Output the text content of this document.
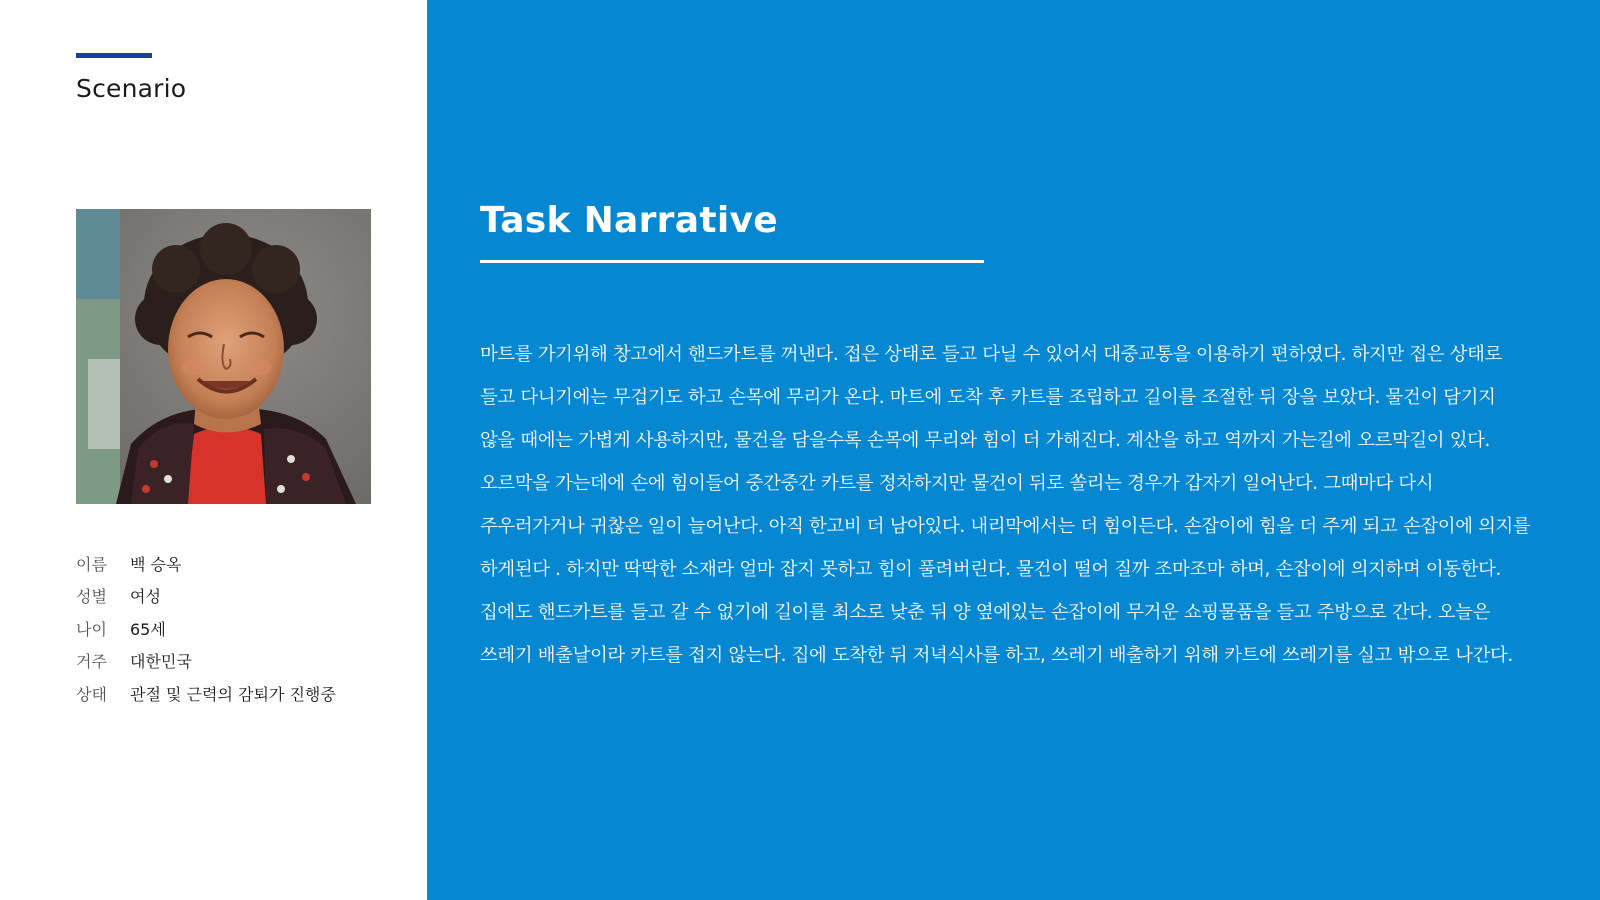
Scenario
이름	백 승옥
성별	여성
나이	65세
거주	대한민국
상태	관절 및 근력의 감퇴가 진행중
Task Narrative
마트를 가기위해 창고에서 핸드카트를 꺼낸다. 접은 상태로 들고 다닐 수 있어서 대중교통을 이용하기 편하였다. 하지만 접은 상태로 들고 다니기에는 무겁기도 하고 손목에 무리가 온다. 마트에 도착 후 카트를 조립하고 길이를 조절한 뒤 장을 보았다. 물건이 담기지 않을 때에는 가볍게 사용하지만, 물건을 담을수록 손목에 무리와 힘이 더 가해진다. 계산을 하고 역까지 가는길에 오르막길이 있다. 오르막을 가는데에 손에 힘이들어 중간중간 카트를 정차하지만 물건이 뒤로 쏠리는 경우가 갑자기 일어난다. 그때마다 다시 주우러가거나 귀찮은 일이 늘어난다. 아직 한고비 더 남아있다. 내리막에서는 더 힘이든다. 손잡이에 힘을 더 주게 되고 손잡이에 의지를 하게된다 . 하지만 딱딱한 소재라 얼마 잡지 못하고 힘이 풀려버린다. 물건이 떨어 질까 조마조마 하며, 손잡이에 의지하며 이동한다. 집에도 핸드카트를 들고 갈 수 없기에 길이를 최소로 낮춘 뒤 양 옆에있는 손잡이에 무거운 쇼핑물품을 들고 주방으로 간다. 오늘은 쓰레기 배출날이라 카트를 접지 않는다. 집에 도착한 뒤 저녁식사를 하고, 쓰레기 배출하기 위해 카트에 쓰레기를 실고 밖으로 나간다.
